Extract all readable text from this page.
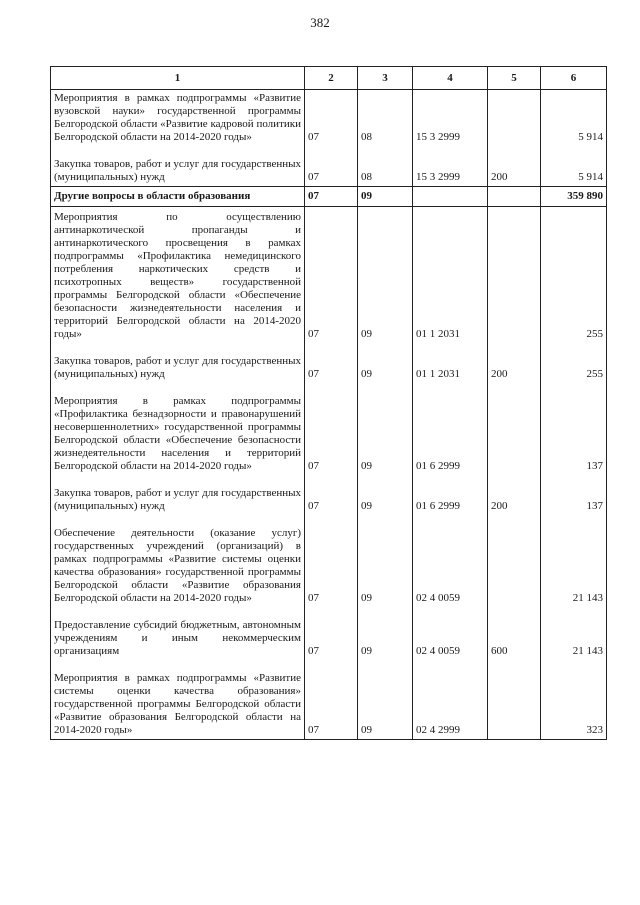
382
1	2	3	4	5	6
Мероприятия в рамках подпрограммы «Развитие вузовской науки» государственной программы Белгородской области «Развитие кадровой политики Белгородской области на 2014-2020 годы»	07	08	15 3 2999		5 914

Закупка товаров, работ и услуг для государственных (муниципальных) нужд	07	08	15 3 2999	200	5 914
Другие вопросы в области образования	07	09			359 890
Мероприятия по осуществлению антинаркотической пропаганды и антинаркотического просвещения в рамках подпрограммы «Профилактика немедицинского потребления наркотических средств и психотропных веществ» государственной программы Белгородской области «Обеспечение безопасности жизнедеятельности населения и территорий Белгородской области на 2014-2020 годы»	07	09	01 1 2031		255

Закупка товаров, работ и услуг для государственных (муниципальных) нужд	07	09	01 1 2031	200	255

Мероприятия в рамках подпрограммы «Профилактика безнадзорности и правонарушений несовершеннолетних» государственной программы Белгородской области «Обеспечение безопасности жизнедеятельности населения и территорий Белгородской области на 2014-2020 годы»	07	09	01 6 2999		137

Закупка товаров, работ и услуг для государственных (муниципальных) нужд	07	09	01 6 2999	200	137

Обеспечение деятельности (оказание услуг) государственных учреждений (организаций) в рамках подпрограммы «Развитие системы оценки качества образования» государственной программы Белгородской области «Развитие образования Белгородской области на 2014-2020 годы»	07	09	02 4 0059		21 143

Предоставление субсидий бюджетным, автономным учреждениям и иным некоммерческим организациям	07	09	02 4 0059	600	21 143

Мероприятия в рамках подпрограммы «Развитие системы оценки качества образования» государственной программы Белгородской области «Развитие образования Белгородской области на 2014-2020 годы»	07	09	02 4 2999		323
